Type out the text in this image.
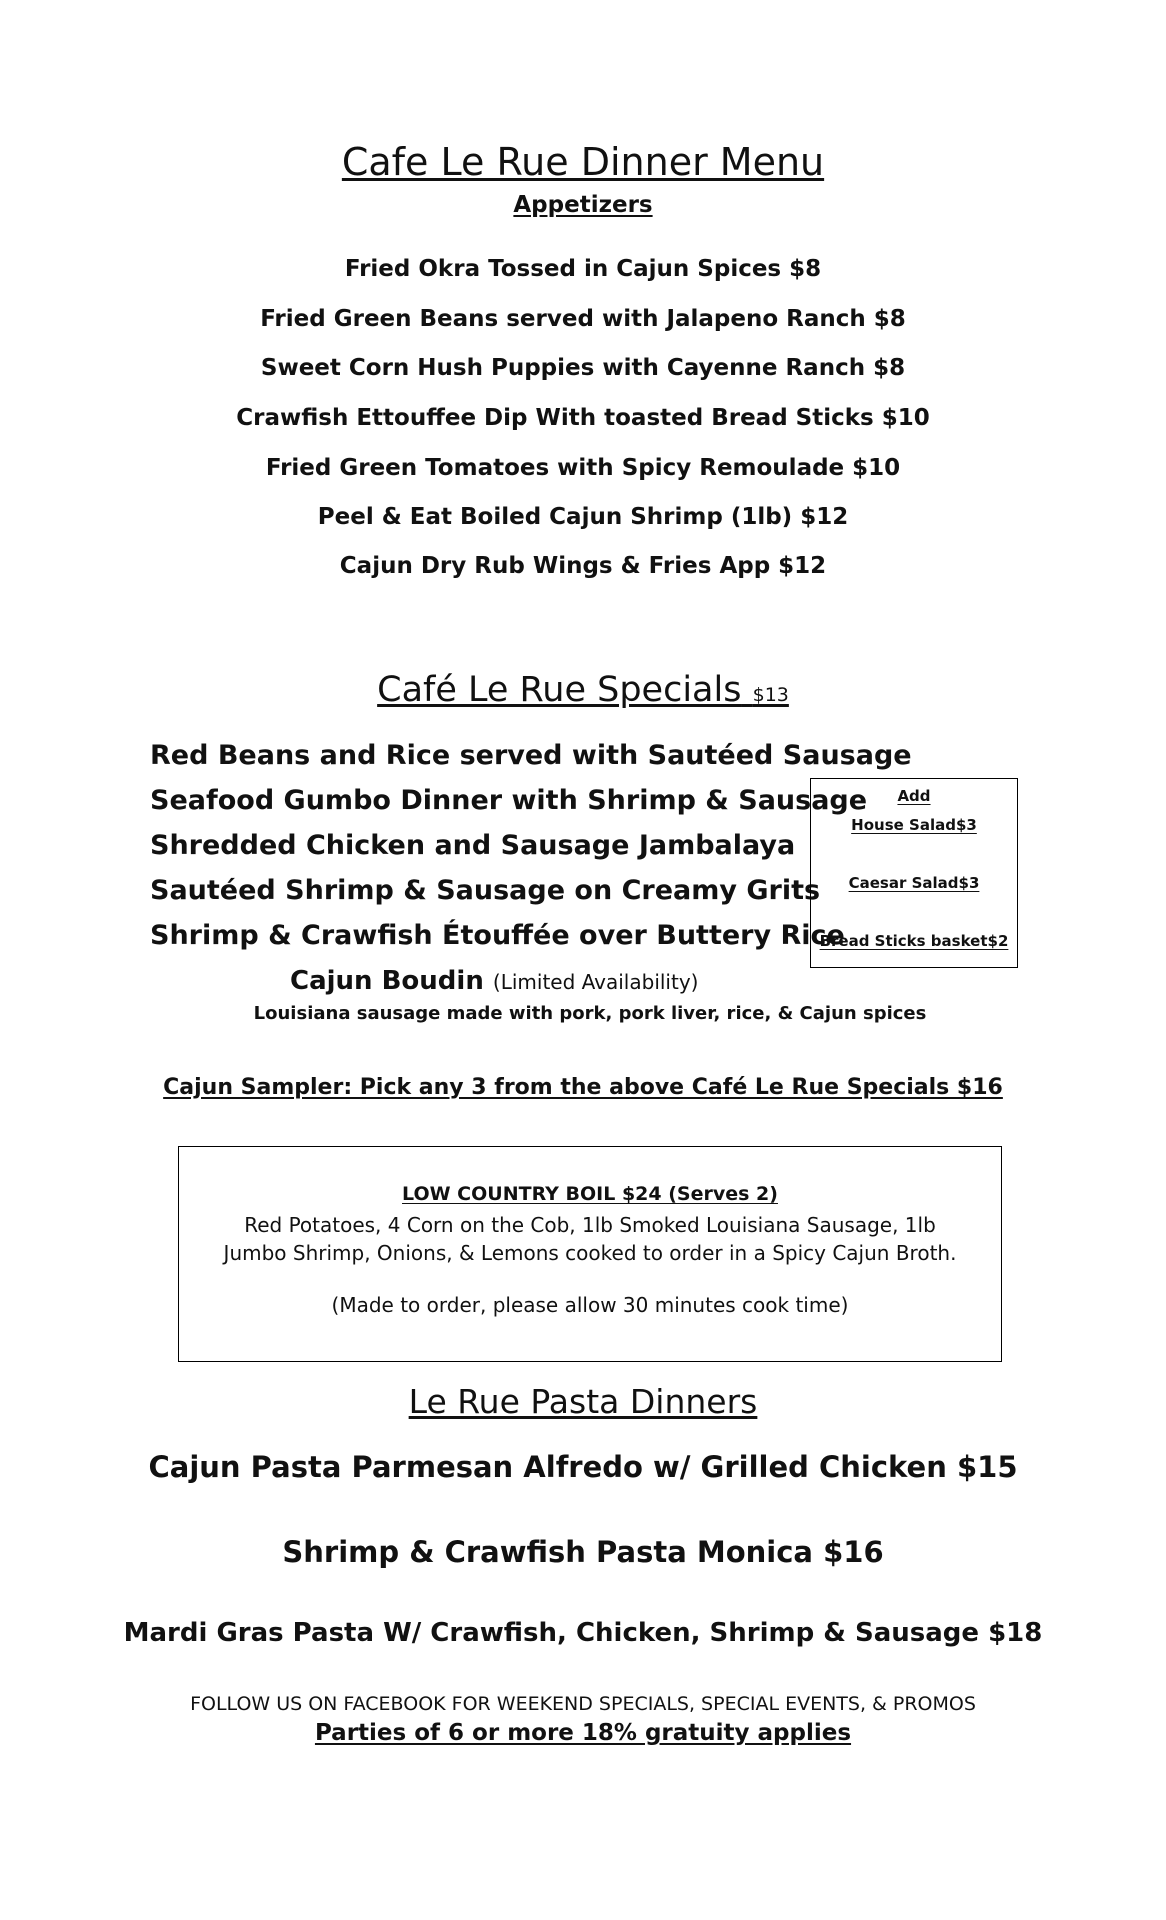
Cafe Le Rue Dinner Menu
Appetizers
Fried Okra Tossed in Cajun Spices $8
Fried Green Beans served with Jalapeno Ranch $8
Sweet Corn Hush Puppies with Cayenne Ranch $8
Crawfish Ettouffee Dip With toasted Bread Sticks $10
Fried Green Tomatoes with Spicy Remoulade $10
Peel & Eat Boiled Cajun Shrimp (1lb) $12
Cajun Dry Rub Wings & Fries App $12
Café Le Rue Specials $13
Red Beans and Rice served with Sautéed Sausage
Seafood Gumbo Dinner with Shrimp & Sausage
Shredded Chicken and Sausage Jambalaya
Sautéed Shrimp & Sausage on Creamy Grits
Shrimp & Crawfish Étouffée over Buttery Rice
Cajun Boudin (Limited Availability)
Louisiana sausage made with pork, pork liver, rice, & Cajun spices
Add
House Salad$3
Caesar Salad$3
Bread Sticks basket$2
Cajun Sampler: Pick any 3 from the above Café Le Rue Specials $16
LOW COUNTRY BOIL $24 (Serves 2)
Red Potatoes, 4 Corn on the Cob, 1lb Smoked Louisiana Sausage, 1lb Jumbo Shrimp, Onions, & Lemons cooked to order in a Spicy Cajun Broth.
(Made to order, please allow 30 minutes cook time)
Le Rue Pasta Dinners
Cajun Pasta Parmesan Alfredo w/ Grilled Chicken $15
Shrimp & Crawfish Pasta Monica $16
Mardi Gras Pasta W/ Crawfish, Chicken, Shrimp & Sausage $18
FOLLOW US ON FACEBOOK FOR WEEKEND SPECIALS, SPECIAL EVENTS, & PROMOS
Parties of 6 or more 18% gratuity applies
